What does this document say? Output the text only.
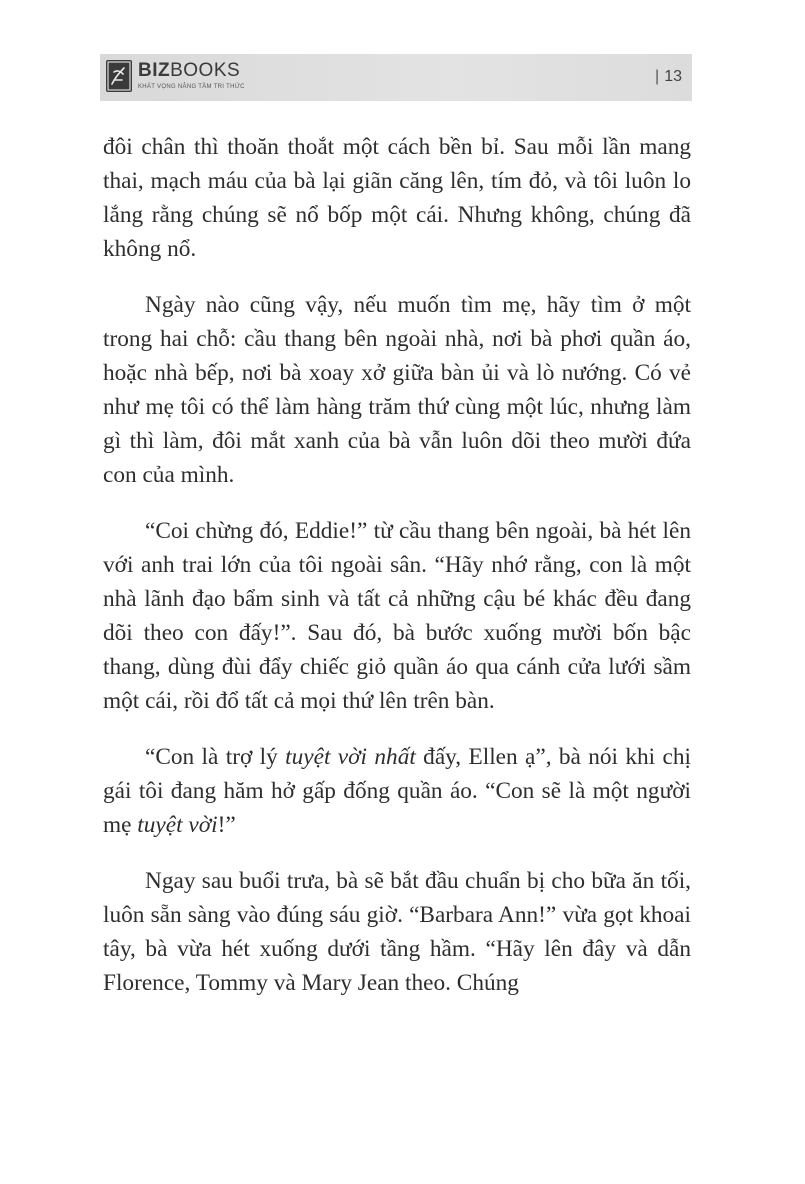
BIZBOOKS
KHÁT VỌNG NÂNG TẦM TRI THỨC
| 13

đôi chân thì thoăn thoắt một cách bền bỉ. Sau mỗi lần mang thai, mạch máu của bà lại giãn căng lên, tím đỏ, và tôi luôn lo lắng rằng chúng sẽ nổ bốp một cái. Nhưng không, chúng đã không nổ.

Ngày nào cũng vậy, nếu muốn tìm mẹ, hãy tìm ở một trong hai chỗ: cầu thang bên ngoài nhà, nơi bà phơi quần áo, hoặc nhà bếp, nơi bà xoay xở giữa bàn ủi và lò nướng. Có vẻ như mẹ tôi có thể làm hàng trăm thứ cùng một lúc, nhưng làm gì thì làm, đôi mắt xanh của bà vẫn luôn dõi theo mười đứa con của mình.

“Coi chừng đó, Eddie!” từ cầu thang bên ngoài, bà hét lên với anh trai lớn của tôi ngoài sân. “Hãy nhớ rằng, con là một nhà lãnh đạo bẩm sinh và tất cả những cậu bé khác đều đang dõi theo con đấy!”. Sau đó, bà bước xuống mười bốn bậc thang, dùng đùi đẩy chiếc giỏ quần áo qua cánh cửa lưới sầm một cái, rồi đổ tất cả mọi thứ lên trên bàn.

“Con là trợ lý tuyệt vời nhất đấy, Ellen ạ”, bà nói khi chị gái tôi đang hăm hở gấp đống quần áo. “Con sẽ là một người mẹ tuyệt vời!”

Ngay sau buổi trưa, bà sẽ bắt đầu chuẩn bị cho bữa ăn tối, luôn sẵn sàng vào đúng sáu giờ. “Barbara Ann!” vừa gọt khoai tây, bà vừa hét xuống dưới tầng hầm. “Hãy lên đây và dẫn Florence, Tommy và Mary Jean theo. Chúng
